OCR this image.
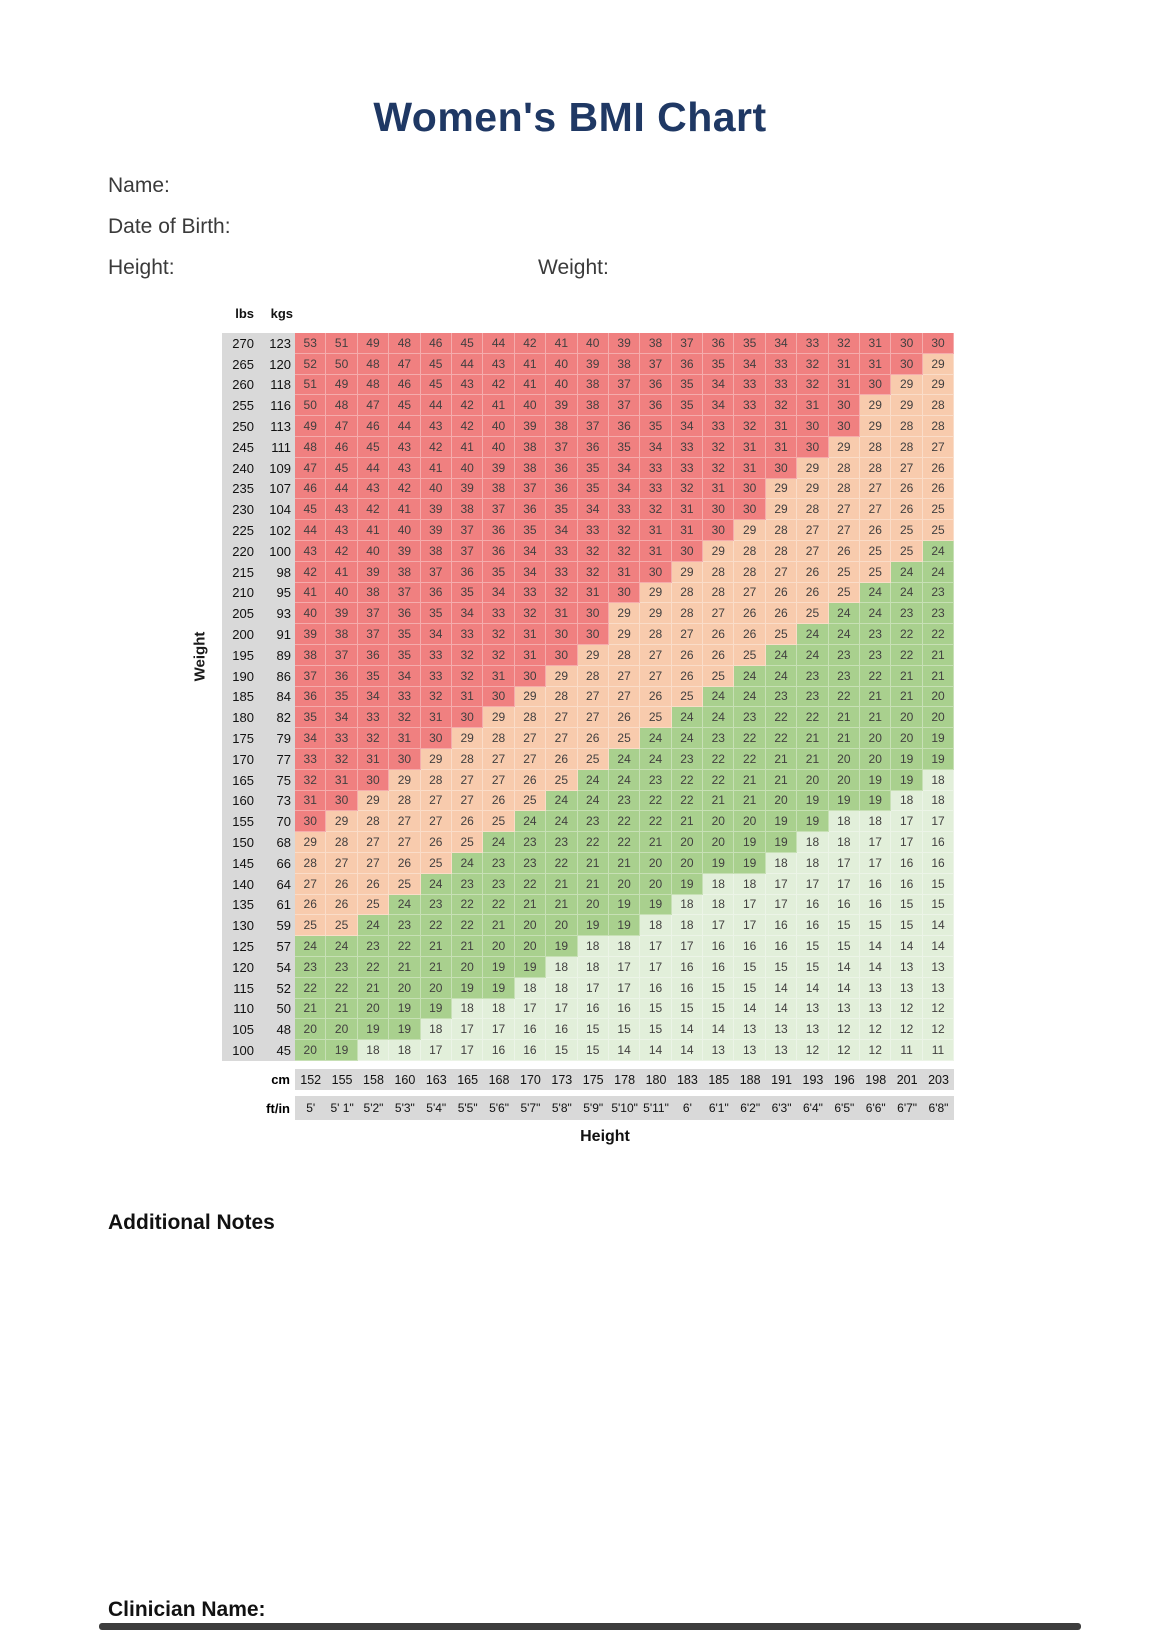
Women's BMI Chart
Name:
Date of Birth:
Height:	Weight:
lbs	kgs
Weight
270	123	53	51	49	48	46	45	44	42	41	40	39	38	37	36	35	34	33	32	31	30	30
265	120	52	50	48	47	45	44	43	41	40	39	38	37	36	35	34	33	32	31	31	30	29
260	118	51	49	48	46	45	43	42	41	40	38	37	36	35	34	33	33	32	31	30	29	29
255	116	50	48	47	45	44	42	41	40	39	38	37	36	35	34	33	32	31	30	29	29	28
250	113	49	47	46	44	43	42	40	39	38	37	36	35	34	33	32	31	30	30	29	28	28
245	111	48	46	45	43	42	41	40	38	37	36	35	34	33	32	31	31	30	29	28	28	27
240	109	47	45	44	43	41	40	39	38	36	35	34	33	33	32	31	30	29	28	28	27	26
235	107	46	44	43	42	40	39	38	37	36	35	34	33	32	31	30	29	29	28	27	26	26
230	104	45	43	42	41	39	38	37	36	35	34	33	32	31	30	30	29	28	27	27	26	25
225	102	44	43	41	40	39	37	36	35	34	33	32	31	31	30	29	28	27	27	26	25	25
220	100	43	42	40	39	38	37	36	34	33	32	32	31	30	29	28	28	27	26	25	25	24
215	98	42	41	39	38	37	36	35	34	33	32	31	30	29	28	28	27	26	25	25	24	24
210	95	41	40	38	37	36	35	34	33	32	31	30	29	28	28	27	26	26	25	24	24	23
205	93	40	39	37	36	35	34	33	32	31	30	29	29	28	27	26	26	25	24	24	23	23
200	91	39	38	37	35	34	33	32	31	30	30	29	28	27	26	26	25	24	24	23	22	22
195	89	38	37	36	35	33	32	32	31	30	29	28	27	26	26	25	24	24	23	23	22	21
190	86	37	36	35	34	33	32	31	30	29	28	27	27	26	25	24	24	23	23	22	21	21
185	84	36	35	34	33	32	31	30	29	28	27	27	26	25	24	24	23	23	22	21	21	20
180	82	35	34	33	32	31	30	29	28	27	27	26	25	24	24	23	22	22	21	21	20	20
175	79	34	33	32	31	30	29	28	27	27	26	25	24	24	23	22	22	21	21	20	20	19
170	77	33	32	31	30	29	28	27	27	26	25	24	24	23	22	22	21	21	20	20	19	19
165	75	32	31	30	29	28	27	27	26	25	24	24	23	22	22	21	21	20	20	19	19	18
160	73	31	30	29	28	27	27	26	25	24	24	23	22	22	21	21	20	19	19	19	18	18
155	70	30	29	28	27	27	26	25	24	24	23	22	22	21	20	20	19	19	18	18	17	17
150	68	29	28	27	27	26	25	24	23	23	22	22	21	20	20	19	19	18	18	17	17	16
145	66	28	27	27	26	25	24	23	23	22	21	21	20	20	19	19	18	18	17	17	16	16
140	64	27	26	26	25	24	23	23	22	21	21	20	20	19	18	18	17	17	17	16	16	15
135	61	26	26	25	24	23	22	22	21	21	20	19	19	18	18	17	17	16	16	16	15	15
130	59	25	25	24	23	22	22	21	20	20	19	19	18	18	17	17	16	16	15	15	15	14
125	57	24	24	23	22	21	21	20	20	19	18	18	17	17	16	16	16	15	15	14	14	14
120	54	23	23	22	21	21	20	19	19	18	18	17	17	16	16	15	15	15	14	14	13	13
115	52	22	22	21	20	20	19	19	18	18	17	17	16	16	15	15	14	14	14	13	13	13
110	50	21	21	20	19	19	18	18	17	17	16	16	15	15	15	14	14	13	13	13	12	12
105	48	20	20	19	19	18	17	17	16	16	15	15	15	14	14	13	13	13	12	12	12	12
100	45	20	19	18	18	17	17	16	16	15	15	14	14	14	13	13	13	12	12	12	11	11
cm 152 155 158 160 163 165 168 170 173 175 178 180 183 185 188 191 193 196 198 201 203
ft/in	5'	5' 1" 5'2" 5'3" 5'4" 5'5" 5'6" 5'7" 5'8" 5'9" 5'10" 5'11"	6'	6'1" 6'2" 6'3" 6'4" 6'5" 6'6" 6'7" 6'8"
Height
Additional Notes
Clinician Name:
